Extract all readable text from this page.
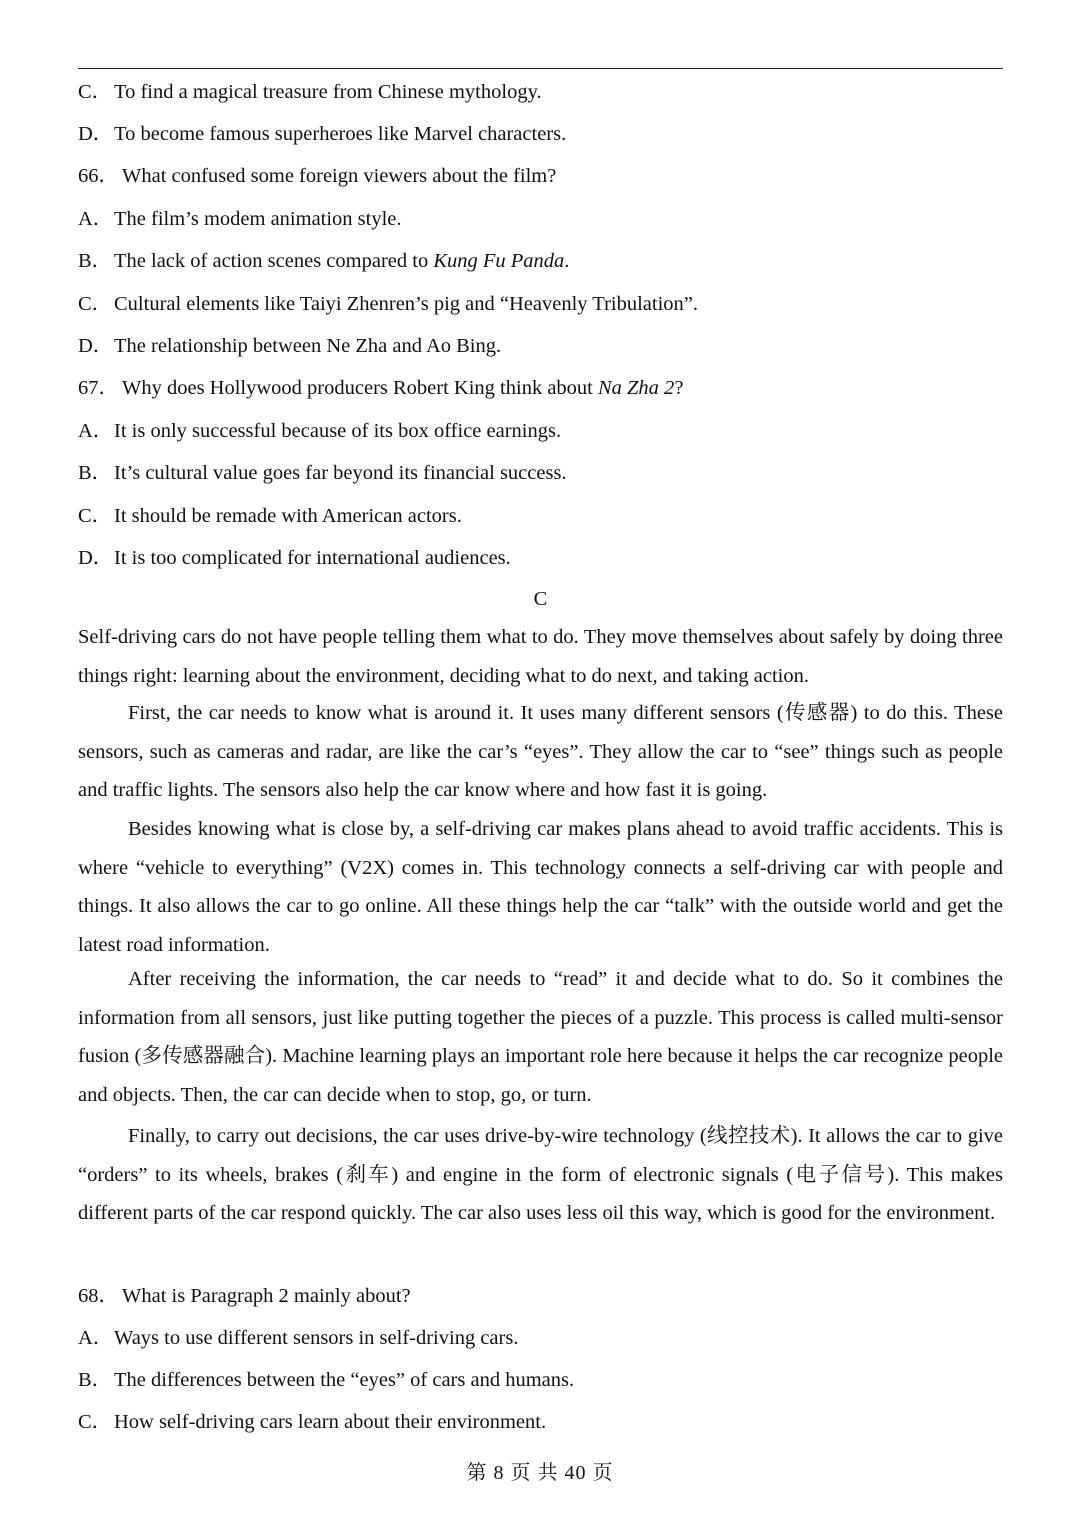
C．To find a magical treasure from Chinese mythology.
D．To become famous superheroes like Marvel characters.
66． What confused some foreign viewers about the film?
A．The film’s modem animation style.
B．The lack of action scenes compared to Kung Fu Panda.
C．Cultural elements like Taiyi Zhenren’s pig and “Heavenly Tribulation”.
D．The relationship between Ne Zha and Ao Bing.
67． Why does Hollywood producers Robert King think about Na Zha 2?
A．It is only successful because of its box office earnings.
B．It’s cultural value goes far beyond its financial success.
C．It should be remade with American actors.
D．It is too complicated for international audiences.
C
Self-driving cars do not have people telling them what to do. They move themselves about safely by doing three things right: learning about the environment, deciding what to do next, and taking action.
First, the car needs to know what is around it. It uses many different sensors (传感器) to do this. These sensors, such as cameras and radar, are like the car’s “eyes”. They allow the car to “see” things such as people and traffic lights. The sensors also help the car know where and how fast it is going.
Besides knowing what is close by, a self-driving car makes plans ahead to avoid traffic accidents. This is where “vehicle to everything” (V2X) comes in. This technology connects a self-driving car with people and things. It also allows the car to go online. All these things help the car “talk” with the outside world and get the latest road information.
After receiving the information, the car needs to “read” it and decide what to do. So it combines the information from all sensors, just like putting together the pieces of a puzzle. This process is called multi-sensor fusion (多传感器融合). Machine learning plays an important role here because it helps the car recognize people and objects. Then, the car can decide when to stop, go, or turn.
Finally, to carry out decisions, the car uses drive-by-wire technology (线控技术). It allows the car to give “orders” to its wheels, brakes (刹车) and engine in the form of electronic signals (电子信号). This makes different parts of the car respond quickly. The car also uses less oil this way, which is good for the environment.
68． What is Paragraph 2 mainly about?
A．Ways to use different sensors in self-driving cars.
B．The differences between the “eyes” of cars and humans.
C．How self-driving cars learn about their environment.
第 8 页 共 40 页
